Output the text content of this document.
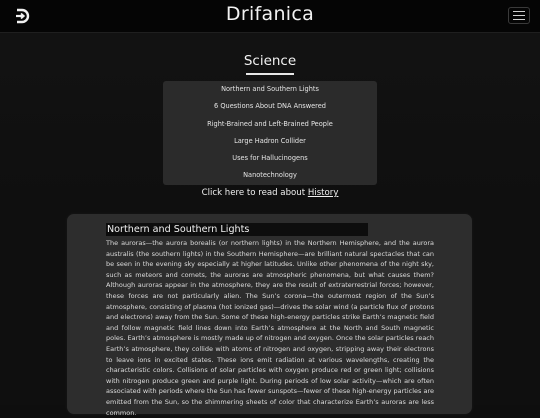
Drifanica
Science
Northern and Southern Lights
6 Questions About DNA Answered
Right-Brained and Left-Brained People
Large Hadron Collider
Uses for Hallucinogens
Nanotechnology
Click here to read about History
Northern and Southern Lights

The auroras—the aurora borealis (or northern lights) in the Northern Hemisphere, and the aurora australis (the southern lights) in the Southern Hemisphere—are brilliant natural spectacles that can be seen in the evening sky especially at higher latitudes. Unlike other phenomena of the night sky, such as meteors and comets, the auroras are atmospheric phenomena, but what causes them? Although auroras appear in the atmosphere, they are the result of extraterrestrial forces; however, these forces are not particularly alien. The Sun’s corona—the outermost region of the Sun’s atmosphere, consisting of plasma (hot ionized gas)—drives the solar wind (a particle flux of protons and electrons) away from the Sun. Some of these high-energy particles strike Earth’s magnetic field and follow magnetic field lines down into Earth’s atmosphere at the North and South magnetic poles. Earth’s atmosphere is mostly made up of nitrogen and oxygen. Once the solar particles reach Earth’s atmosphere, they collide with atoms of nitrogen and oxygen, stripping away their electrons to leave ions in excited states. These ions emit radiation at various wavelengths, creating the characteristic colors. Collisions of solar particles with oxygen produce red or green light; collisions with nitrogen produce green and purple light. During periods of low solar activity—which are often associated with periods where the Sun has fewer sunspots—fewer of these high-energy particles are emitted from the Sun, so the shimmering sheets of color that characterize Earth’s auroras are less common.
